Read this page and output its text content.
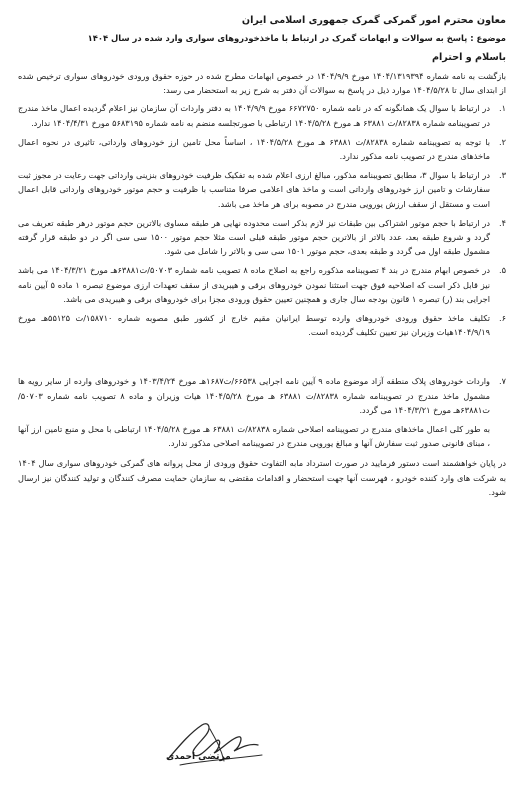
معاون محترم امور گمرکی گمرک جمهوری اسلامی ایران
موضوع : پاسخ به سوالات و ابهامات گمرک در ارتباط با ماخذخودروهای سواری وارد شده در سال ۱۴۰۴
باسلام و احترام

بازگشت به نامه شماره ۱۴۰۴/۱۳۱۹۳۹۴ مورخ ۱۴۰۴/۹/۹ در خصوص ابهامات مطرح شده در حوزه حقوق ورودی خودروهای سواری ترخیص شده از ابتدای سال تا ۱۴۰۴/۵/۲۸ موارد ذیل در پاسخ به سوالات آن دفتر به شرح زیر به استحضار می رسد:

۱.
در ارتباط با سوال یک همانگونه که در نامه شماره ۶۶۷۲۷۵۰ مورخ ۱۴۰۴/۹/۹ به دفتر واردات آن سازمان نیز اعلام گردیده اعمال ماخذ مندرج در تصویبنامه شماره ۸۲۸۳۸/ت ۶۳۸۸۱ هـ مورخ ۱۴۰۴/۵/۲۸ ارتباطی با صورتجلسه منضم به نامه شماره ۵۶۸۳۱۹۵ مورخ ۱۴۰۴/۴/۳۱ ندارد.
۲.
با توجه به تصویبنامه شماره ۸۲۸۳۸/ت ۶۳۸۸۱ هـ مورخ ۱۴۰۴/۵/۲۸ ، اساساً محل تامین ارز خودروهای وارداتی، تاثیری در نحوه اعمال ماخذهای مندرج در تصویب نامه مذکور ندارد.
۳.
در ارتباط با سوال ۳، مطابق تصویبنامه مذکور، مبالغ ارزی اعلام شده به تفکیک ظرفیت خودروهای بنزینی وارداتی جهت رعایت در مجوز ثبت سفارشات و تامین ارز خودروهای وارداتی است و ماخذ های اعلامی صرفا متناسب با ظرفیت و حجم موتور خودروهای وارداتی قابل اعمال است و مستقل از سقف ارزش یورویی مندرج در مصوبه برای هر ماخذ می باشد.
۴.
در ارتباط با حجم موتور اشتراکی بین طبقات نیز لازم بذکر است محدوده نهایی هر طبقه مساوی بالاترین حجم موتور درهر طبقه تعریف می گردد و شروع طبقه بعد، عدد بالاتر از بالاترین حجم موتور طبقه قبلی است مثلا حجم موتور ۱۵۰۰ سی سی اگر در دو طبقه قرار گرفته مشمول طبقه اول می گردد و طبقه بعدی، حجم موتور ۱۵۰۱ سی سی و بالاتر را شامل می شود.
۵.
در خصوص ابهام مندرج در بند ۴ تصویبنامه مذکوره راجع به اصلاح ماده ۸ تصویب نامه شماره ۵۰۷۰۳/ت۶۳۸۸۱هـ مورخ ۱۴۰۴/۳/۲۱ می باشد نیز قابل ذکر است که اصلاحیه فوق جهت استثنا نمودن خودروهای برقی و هیبریدی از سقف تعهدات ارزی موضوع تبصره ۱ ماده ۵ آیین نامه اجرایی بند (ر) تبصره ۱ قانون بودجه سال جاری و همچنین تعیین حقوق ورودی مجزا برای خودروهای برقی و هیبریدی می باشد.
۶.
تکلیف ماخذ حقوق ورودی خودروهای وارده توسط ایرانیان مقیم خارج از کشور طبق مصوبه شماره ۱۵۸۷۱۰/ت ۵۵۱۲۵هـ مورخ ۱۴۰۴/۹/۱۹هیات وزیران نیز تعیین تکلیف گردیده است.
۷.
واردات خودروهای پلاک منطقه آزاد موضوع ماده ۹ آیین نامه اجرایی ۶۶۵۳۸/ت۱۶۸۷هـ مورخ ۱۴۰۳/۴/۲۴ و خودروهای وارده از سایر رویه ها مشمول ماخذ مندرج در تصویبنامه شماره ۸۲۸۳۸/ت ۶۳۸۸۱ هـ مورخ ۱۴۰۴/۵/۲۸ هیات وزیران و ماده ۸ تصویب نامه شماره ۵۰۷۰۳/ت۶۳۸۸۱هـ مورخ ۱۴۰۴/۳/۲۱ می گردد.

به طور کلی اعمال ماخذهای مندرج در تصویبنامه اصلاحی شماره ۸۲۸۳۸/ت ۶۳۸۸۱ هـ مورخ ۱۴۰۴/۵/۲۸ ارتباطی با محل و منبع تامین ارز آنها ، مبنای قانونی صدور ثبت سفارش آنها و مبالغ یورویی مندرج در تصویبنامه اصلاحی مذکور ندارد.

در پایان خواهشمند است دستور فرمایید در صورت استرداد مابه التفاوت حقوق ورودی از محل پروانه های گمرکی خودروهای سواری سال ۱۴۰۴ به شرکت های وارد کننده خودرو ، فهرست آنها جهت استحضار و اقدامات مقتضی به سازمان حمایت مصرف کنندگان و تولید کنندگان نیز ارسال شود.

مرتضی احمدی
